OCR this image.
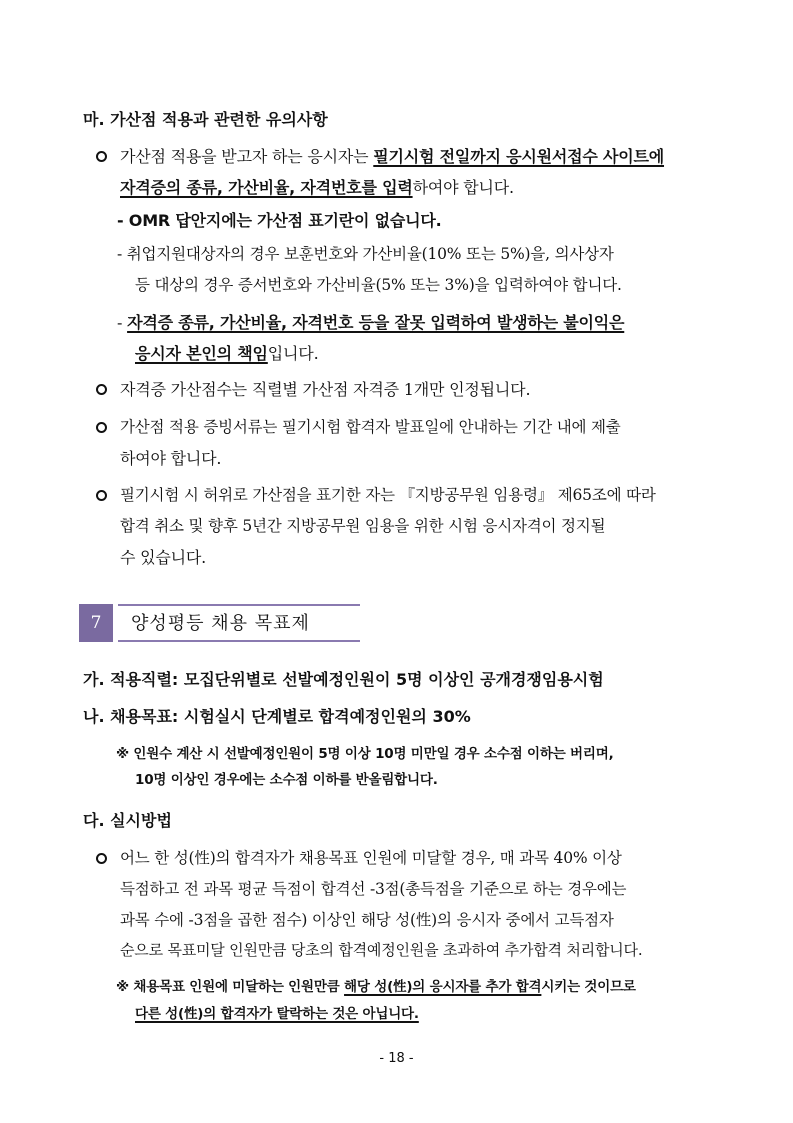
마. 가산점 적용과 관련한 유의사항
가산점 적용을 받고자 하는 응시자는 필기시험 전일까지 응시원서접수 사이트에
자격증의 종류, 가산비율, 자격번호를 입력하여야 합니다.
- OMR 답안지에는 가산점 표기란이 없습니다.
- 취업지원대상자의 경우 보훈번호와 가산비율(10% 또는 5%)을, 의사상자
등 대상의 경우 증서번호와 가산비율(5% 또는 3%)을 입력하여야 합니다.
- 자격증 종류, 가산비율, 자격번호 등을 잘못 입력하여 발생하는 불이익은
응시자 본인의 책임입니다.
자격증 가산점수는 직렬별 가산점 자격증 1개만 인정됩니다.
가산점 적용 증빙서류는 필기시험 합격자 발표일에 안내하는 기간 내에 제출
하여야 합니다.
필기시험 시 허위로 가산점을 표기한 자는 『지방공무원 임용령』 제65조에 따라
합격 취소 및 향후 5년간 지방공무원 임용을 위한 시험 응시자격이 정지될
수 있습니다.
7	양성평등 채용 목표제
가. 적용직렬: 모집단위별로 선발예정인원이 5명 이상인 공개경쟁임용시험
나. 채용목표: 시험실시 단계별로 합격예정인원의 30%
※ 인원수 계산 시 선발예정인원이 5명 이상 10명 미만일 경우 소수점 이하는 버리며,
10명 이상인 경우에는 소수점 이하를 반올림합니다.
다. 실시방법
어느 한 성(性)의 합격자가 채용목표 인원에 미달할 경우, 매 과목 40% 이상
득점하고 전 과목 평균 득점이 합격선 -3점(총득점을 기준으로 하는 경우에는
과목 수에 -3점을 곱한 점수) 이상인 해당 성(性)의 응시자 중에서 고득점자
순으로 목표미달 인원만큼 당초의 합격예정인원을 초과하여 추가합격 처리합니다.
※ 채용목표 인원에 미달하는 인원만큼 해당 성(性)의 응시자를 추가 합격시키는 것이므로
다른 성(性)의 합격자가 탈락하는 것은 아닙니다.
- 18 -
